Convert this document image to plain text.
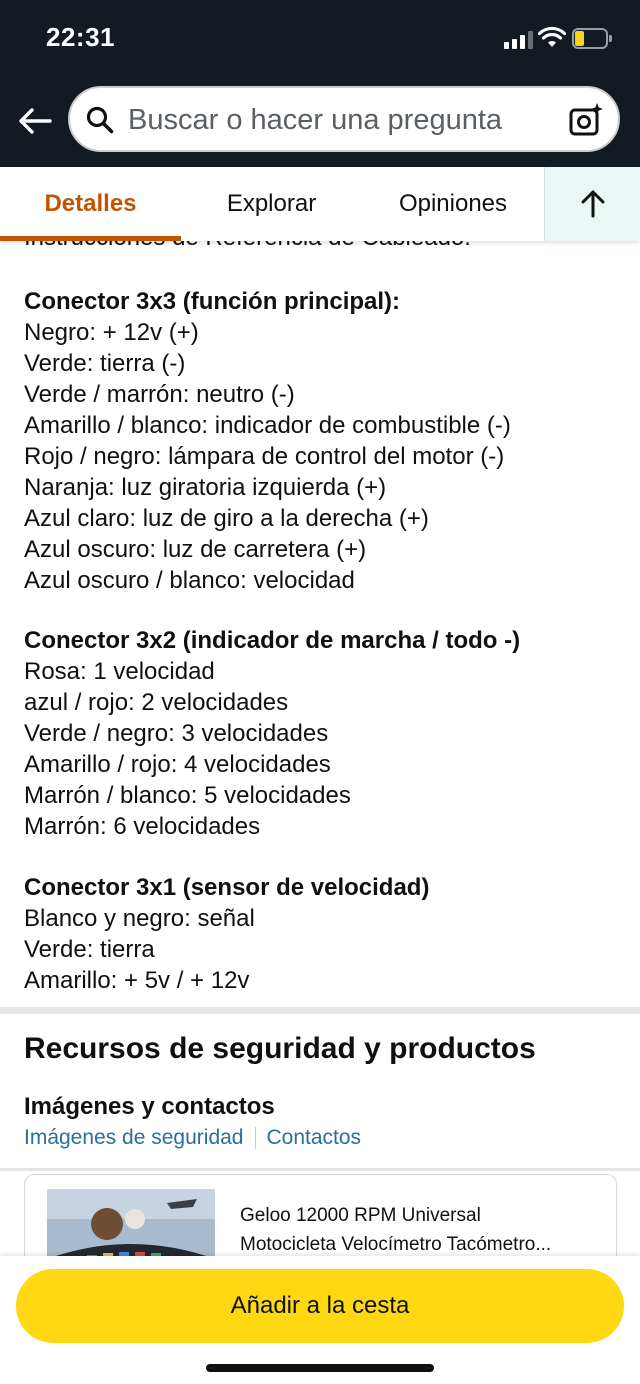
22:31
Buscar o hacer una pregunta
Detalles	Explorar	Opiniones
Conector 3x3 (función principal):
Negro: + 12v (+)
Verde: tierra (-)
Verde / marrón: neutro (-)
Amarillo / blanco: indicador de combustible (-)
Rojo / negro: lámpara de control del motor (-)
Naranja: luz giratoria izquierda (+)
Azul claro: luz de giro a la derecha (+)
Azul oscuro: luz de carretera (+)
Azul oscuro / blanco: velocidad
Conector 3x2 (indicador de marcha / todo -)
Rosa: 1 velocidad
azul / rojo: 2 velocidades
Verde / negro: 3 velocidades
Amarillo / rojo: 4 velocidades
Marrón / blanco: 5 velocidades
Marrón: 6 velocidades
Conector 3x1 (sensor de velocidad)
Blanco y negro: señal
Verde: tierra
Amarillo: + 5v / + 12v
Recursos de seguridad y productos
Imágenes y contactos
Imágenes de seguridad Contactos
Geloo 12000 RPM Universal
Motocicleta Velocímetro Tacómetro...
Añadir a la cesta
